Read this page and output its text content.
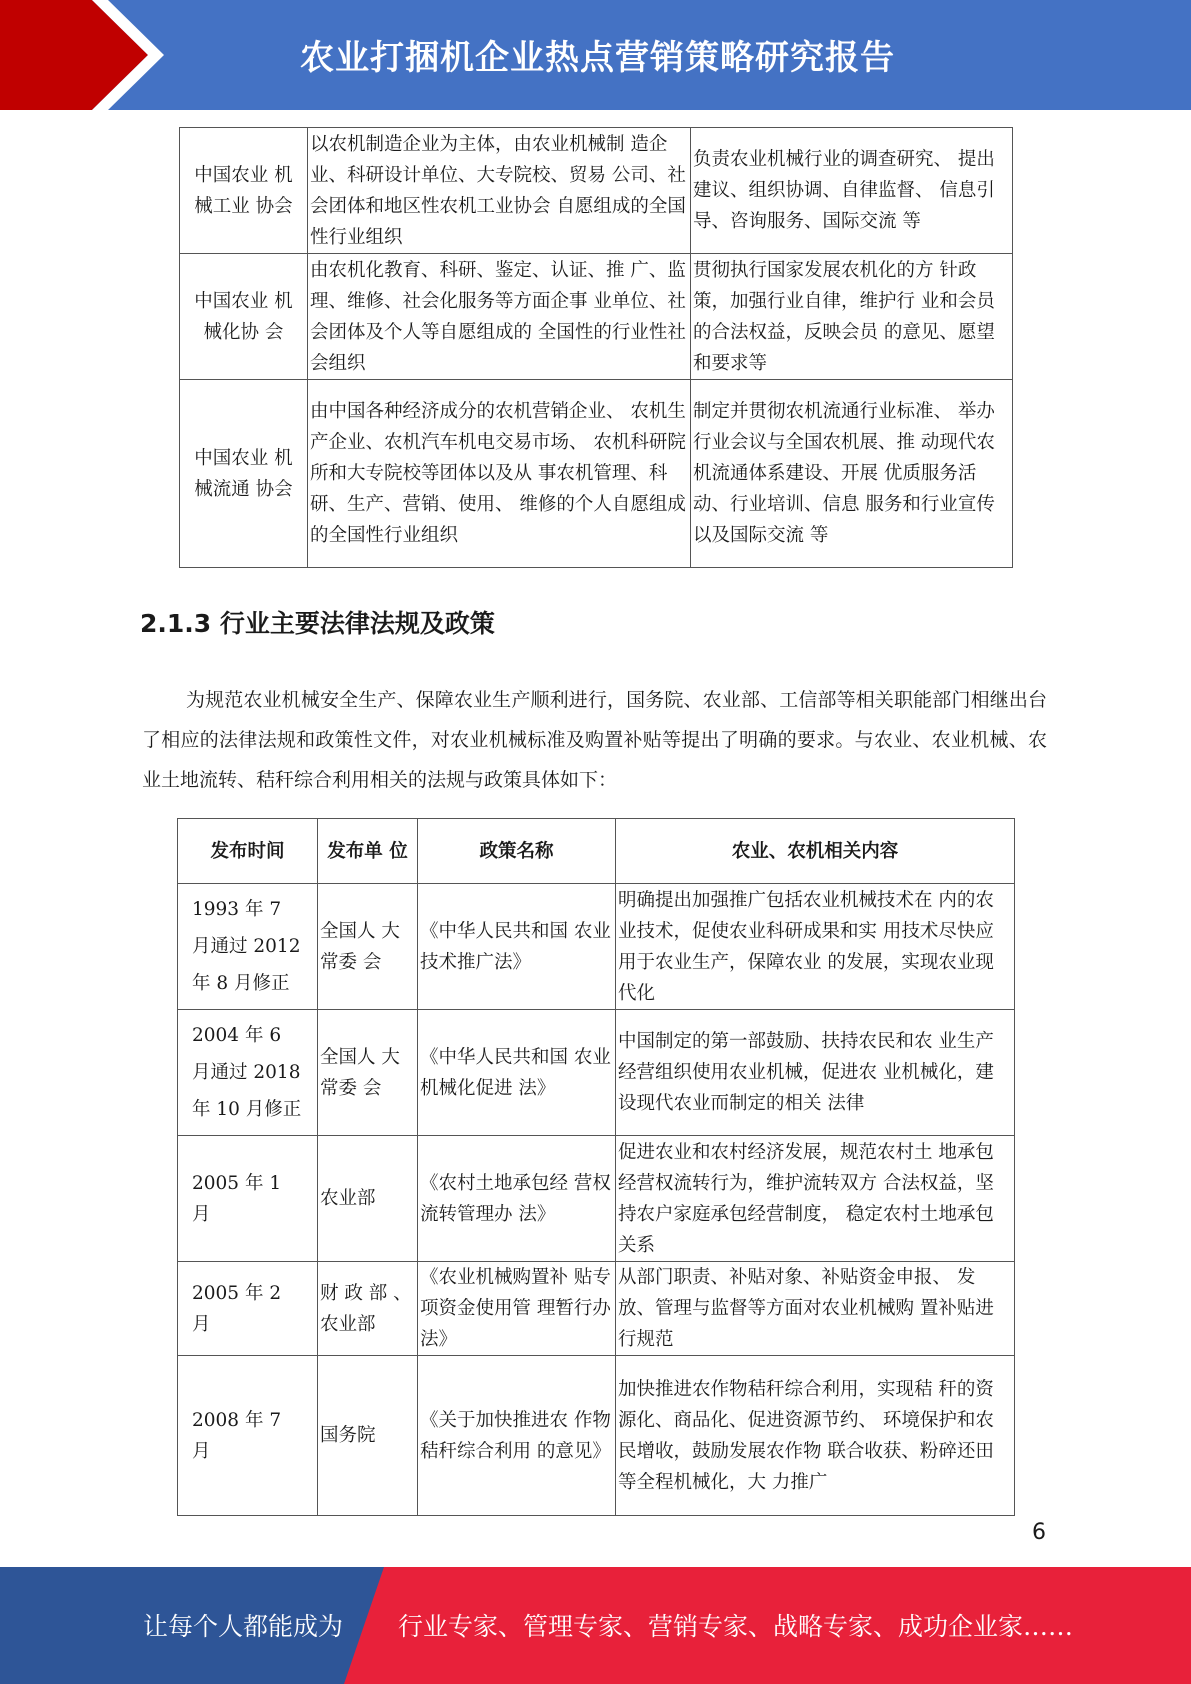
农业打捆机企业热点营销策略研究报告
中国农业 机械工业 协会	以农机制造企业为主体，由农业机械制 造企业、科研设计单位、大专院校、贸易 公司、社会团体和地区性农机工业协会 自愿组成的全国性行业组织	负责农业机械行业的调查研究、 提出建议、组织协调、自律监督、 信息引导、咨询服务、国际交流 等
中国农业 机械化协 会	由农机化教育、科研、鉴定、认证、推 广、监理、维修、社会化服务等方面企事 业单位、社会团体及个人等自愿组成的 全国性的行业性社会组织	贯彻执行国家发展农机化的方 针政策，加强行业自律，维护行 业和会员的合法权益，反映会员 的意见、愿望和要求等
中国农业 机械流通 协会	由中国各种经济成分的农机营销企业、 农机生产企业、农机汽车机电交易市场、 农机科研院所和大专院校等团体以及从 事农机管理、科研、生产、营销、使用、 维修的个人自愿组成的全国性行业组织	制定并贯彻农机流通行业标准、 举办行业会议与全国农机展、推 动现代农机流通体系建设、开展 优质服务活动、行业培训、信息 服务和行业宣传以及国际交流 等
2.1.3 行业主要法律法规及政策
为规范农业机械安全生产、保障农业生产顺利进行，国务院、农业部、工信部等相关职能部门相继出台了相应的法律法规和政策性文件，对农业机械标准及购置补贴等提出了明确的要求。与农业、农业机械、农业土地流转、秸秆综合利用相关的法规与政策具体如下：
发布时间	发布单 位	政策名称	农业、农机相关内容

1993 年 7 月通过 2012 年 8 月修正	全国人 大常委 会	《中华人民共和国 农业技术推广法》	明确提出加强推广包括农业机械技术在 内的农业技术，促使农业科研成果和实 用技术尽快应用于农业生产，保障农业 的发展，实现农业现代化

2004 年 6 月通过 2018 年 10 月修正	全国人 大常委 会	《中华人民共和国 农业机械化促进 法》	中国制定的第一部鼓励、扶持农民和农 业生产经营组织使用农业机械，促进农 业机械化，建设现代农业而制定的相关 法律
2005 年 1 月	农业部	《农村土地承包经 营权流转管理办 法》	促进农业和农村经济发展，规范农村土 地承包经营权流转行为，维护流转双方 合法权益，坚持农户家庭承包经营制度， 稳定农村土地承包关系
2005 年 2 月	财 政 部 、农业部	《农业机械购置补 贴专项资金使用管 理暂行办法》	从部门职责、补贴对象、补贴资金申报、 发放、管理与监督等方面对农业机械购 置补贴进行规范
2008 年 7 月	国务院	《关于加快推进农 作物秸秆综合利用 的意见》	加快推进农作物秸秆综合利用，实现秸 秆的资源化、商品化、促进资源节约、 环境保护和农民增收，鼓励发展农作物 联合收获、粉碎还田等全程机械化，大 力推广
6
让每个人都能成为 行业专家、管理专家、营销专家、战略专家、成功企业家……
